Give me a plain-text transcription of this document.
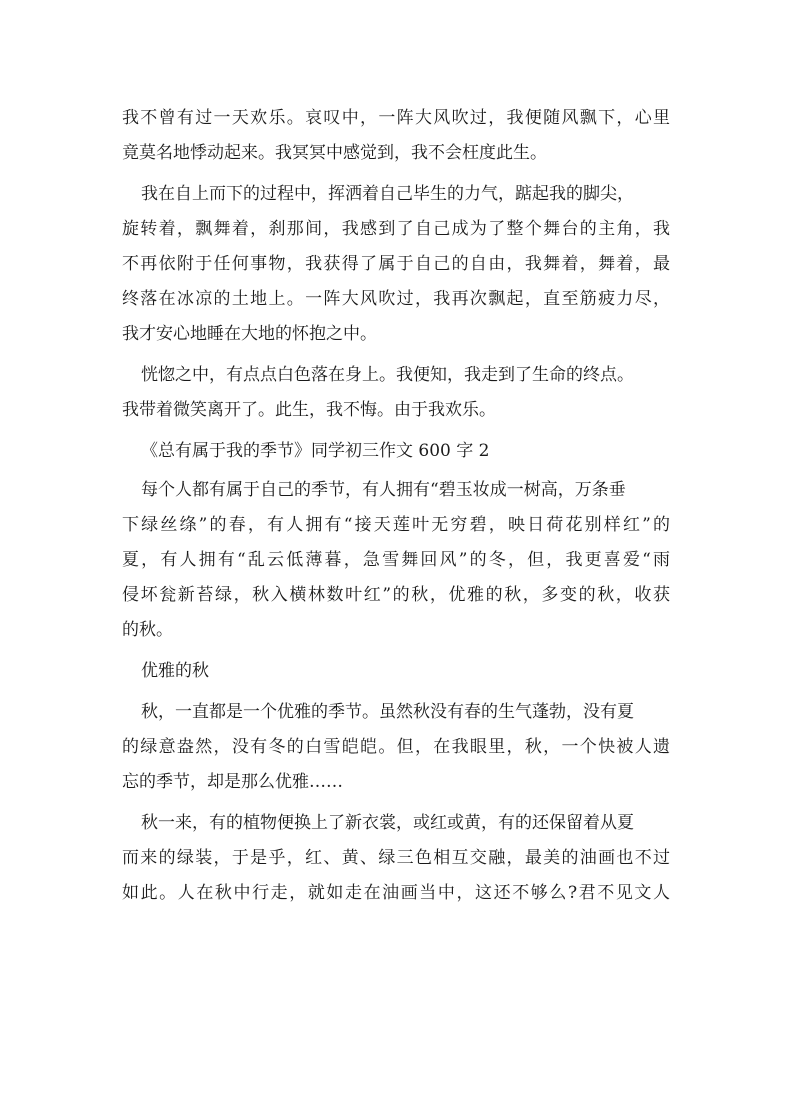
我不曾有过一天欢乐。哀叹中，一阵大风吹过，我便随风飘下，心里
竟莫名地悸动起来。我冥冥中感觉到，我不会枉度此生。
我在自上而下的过程中，挥洒着自己毕生的力气，踮起我的脚尖，
旋转着，飘舞着，刹那间，我感到了自己成为了整个舞台的主角，我
不再依附于任何事物，我获得了属于自己的自由，我舞着，舞着，最
终落在冰凉的土地上。一阵大风吹过，我再次飘起，直至筋疲力尽，
我才安心地睡在大地的怀抱之中。
恍惚之中，有点点白色落在身上。我便知，我走到了生命的终点。
我带着微笑离开了。此生，我不悔。由于我欢乐。
《总有属于我的季节》同学初三作文 600 字 2
每个人都有属于自己的季节，有人拥有“碧玉妆成一树高，万条垂
下绿丝绦”的春，有人拥有“接天莲叶无穷碧，映日荷花别样红”的
夏，有人拥有“乱云低薄暮，急雪舞回风”的冬，但，我更喜爱“雨
侵坏瓮新苔绿，秋入横林数叶红”的秋，优雅的秋，多变的秋，收获
的秋。
优雅的秋
秋，一直都是一个优雅的季节。虽然秋没有春的生气蓬勃，没有夏
的绿意盎然，没有冬的白雪皑皑。但，在我眼里，秋，一个快被人遗
忘的季节，却是那么优雅……
秋一来，有的植物便换上了新衣裳，或红或黄，有的还保留着从夏
而来的绿装，于是乎，红、黄、绿三色相互交融，最美的油画也不过
如此。人在秋中行走，就如走在油画当中，这还不够么?君不见文人
